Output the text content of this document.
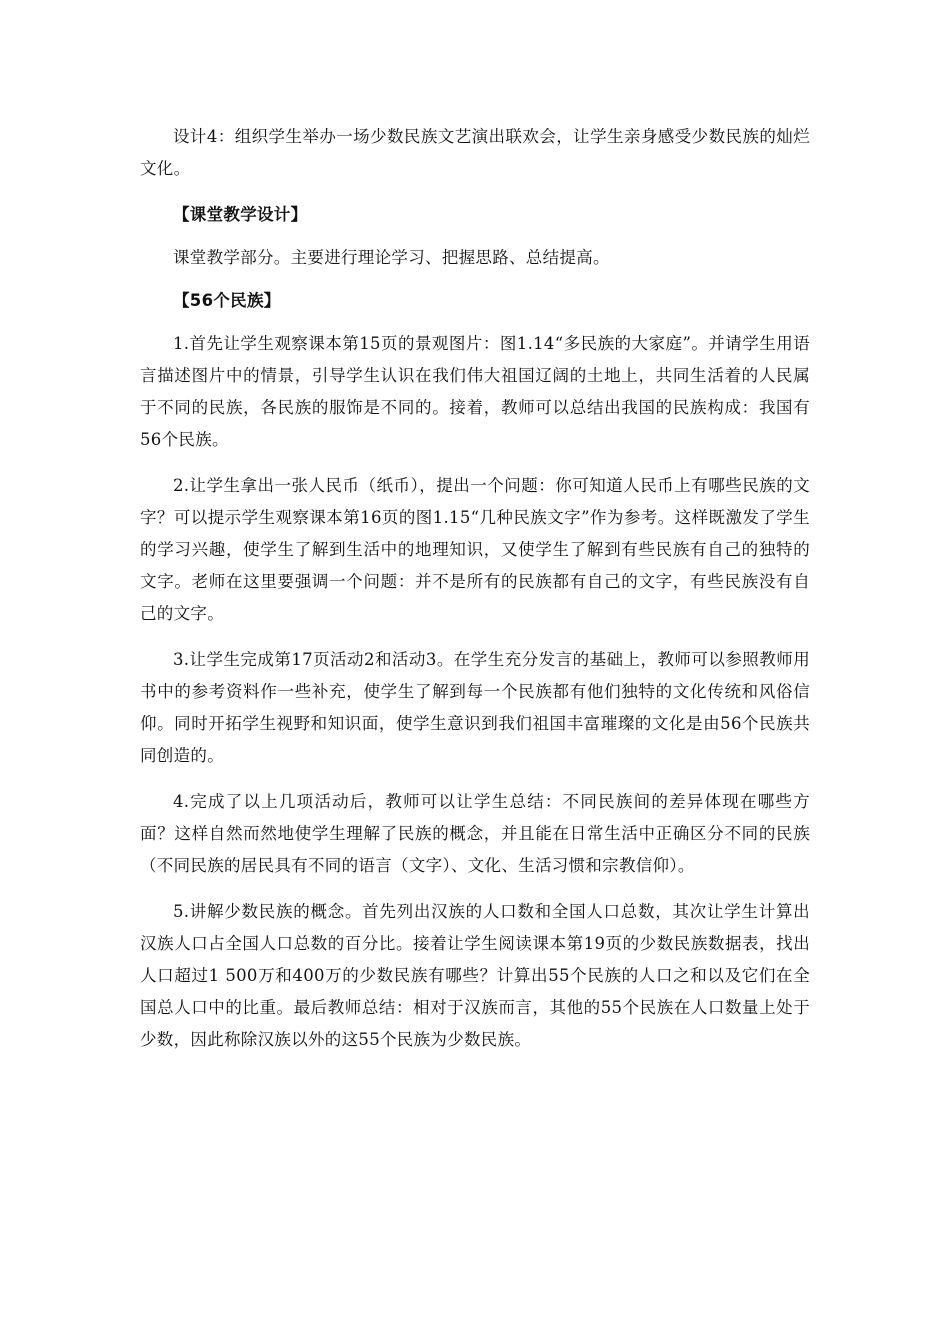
设计4：组织学生举办一场少数民族文艺演出联欢会，让学生亲身感受少数民族的灿烂文化。

【课堂教学设计】

课堂教学部分。主要进行理论学习、把握思路、总结提高。

【56个民族】

1.首先让学生观察课本第15页的景观图片：图1.14“多民族的大家庭”。并请学生用语言描述图片中的情景，引导学生认识在我们伟大祖国辽阔的土地上，共同生活着的人民属于不同的民族，各民族的服饰是不同的。接着，教师可以总结出我国的民族构成：我国有56个民族。

2.让学生拿出一张人民币（纸币），提出一个问题：你可知道人民币上有哪些民族的文字？可以提示学生观察课本第16页的图1.15“几种民族文字”作为参考。这样既激发了学生的学习兴趣，使学生了解到生活中的地理知识，又使学生了解到有些民族有自己的独特的文字。老师在这里要强调一个问题：并不是所有的民族都有自己的文字，有些民族没有自己的文字。

3.让学生完成第17页活动2和活动3。在学生充分发言的基础上，教师可以参照教师用书中的参考资料作一些补充，使学生了解到每一个民族都有他们独特的文化传统和风俗信仰。同时开拓学生视野和知识面，使学生意识到我们祖国丰富璀璨的文化是由56个民族共同创造的。

4.完成了以上几项活动后，教师可以让学生总结：不同民族间的差异体现在哪些方面？这样自然而然地使学生理解了民族的概念，并且能在日常生活中正确区分不同的民族（不同民族的居民具有不同的语言（文字）、文化、生活习惯和宗教信仰）。

5.讲解少数民族的概念。首先列出汉族的人口数和全国人口总数，其次让学生计算出汉族人口占全国人口总数的百分比。接着让学生阅读课本第19页的少数民族数据表，找出人口超过1 500万和400万的少数民族有哪些？计算出55个民族的人口之和以及它们在全国总人口中的比重。最后教师总结：相对于汉族而言，其他的55个民族在人口数量上处于少数，因此称除汉族以外的这55个民族为少数民族。
